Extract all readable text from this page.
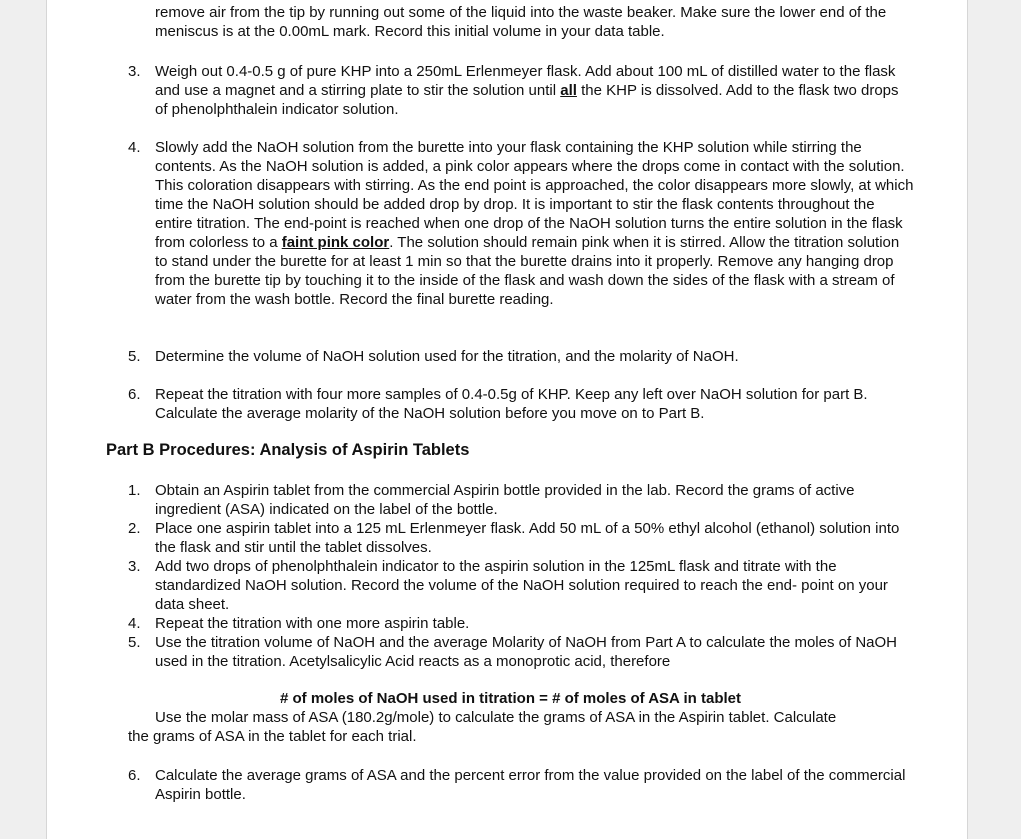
remove air from the tip by running out some of the liquid into the waste beaker. Make sure the lower end of the meniscus is at the 0.00mL mark. Record this initial volume in your data table.
3. Weigh out 0.4-0.5 g of pure KHP into a 250mL Erlenmeyer flask. Add about 100 mL of distilled water to the flask and use a magnet and a stirring plate to stir the solution until all the KHP is dissolved. Add to the flask two drops of phenolphthalein indicator solution.
4. Slowly add the NaOH solution from the burette into your flask containing the KHP solution while stirring the contents. As the NaOH solution is added, a pink color appears where the drops come in contact with the solution. This coloration disappears with stirring. As the end point is approached, the color disappears more slowly, at which time the NaOH solution should be added drop by drop. It is important to stir the flask contents throughout the entire titration. The end-point is reached when one drop of the NaOH solution turns the entire solution in the flask from colorless to a faint pink color. The solution should remain pink when it is stirred. Allow the titration solution to stand under the burette for at least 1 min so that the burette drains into it properly. Remove any hanging drop from the burette tip by touching it to the inside of the flask and wash down the sides of the flask with a stream of water from the wash bottle. Record the final burette reading.
5. Determine the volume of NaOH solution used for the titration, and the molarity of NaOH.
6. Repeat the titration with four more samples of 0.4-0.5g of KHP. Keep any left over NaOH solution for part B. Calculate the average molarity of the NaOH solution before you move on to Part B.
Part B Procedures: Analysis of Aspirin Tablets
1. Obtain an Aspirin tablet from the commercial Aspirin bottle provided in the lab. Record the grams of active ingredient (ASA) indicated on the label of the bottle.
2. Place one aspirin tablet into a 125 mL Erlenmeyer flask. Add 50 mL of a 50% ethyl alcohol (ethanol) solution into the flask and stir until the tablet dissolves.
3. Add two drops of phenolphthalein indicator to the aspirin solution in the 125mL flask and titrate with the standardized NaOH solution. Record the volume of the NaOH solution required to reach the end- point on your data sheet.
4. Repeat the titration with one more aspirin table.
5. Use the titration volume of NaOH and the average Molarity of NaOH from Part A to calculate the moles of NaOH used in the titration. Acetylsalicylic Acid reacts as a monoprotic acid, therefore
# of moles of NaOH used in titration = # of moles of ASA in tablet
Use the molar mass of ASA (180.2g/mole) to calculate the grams of ASA in the Aspirin tablet. Calculate
the grams of ASA in the tablet for each trial.
6. Calculate the average grams of ASA and the percent error from the value provided on the label of the commercial Aspirin bottle.
